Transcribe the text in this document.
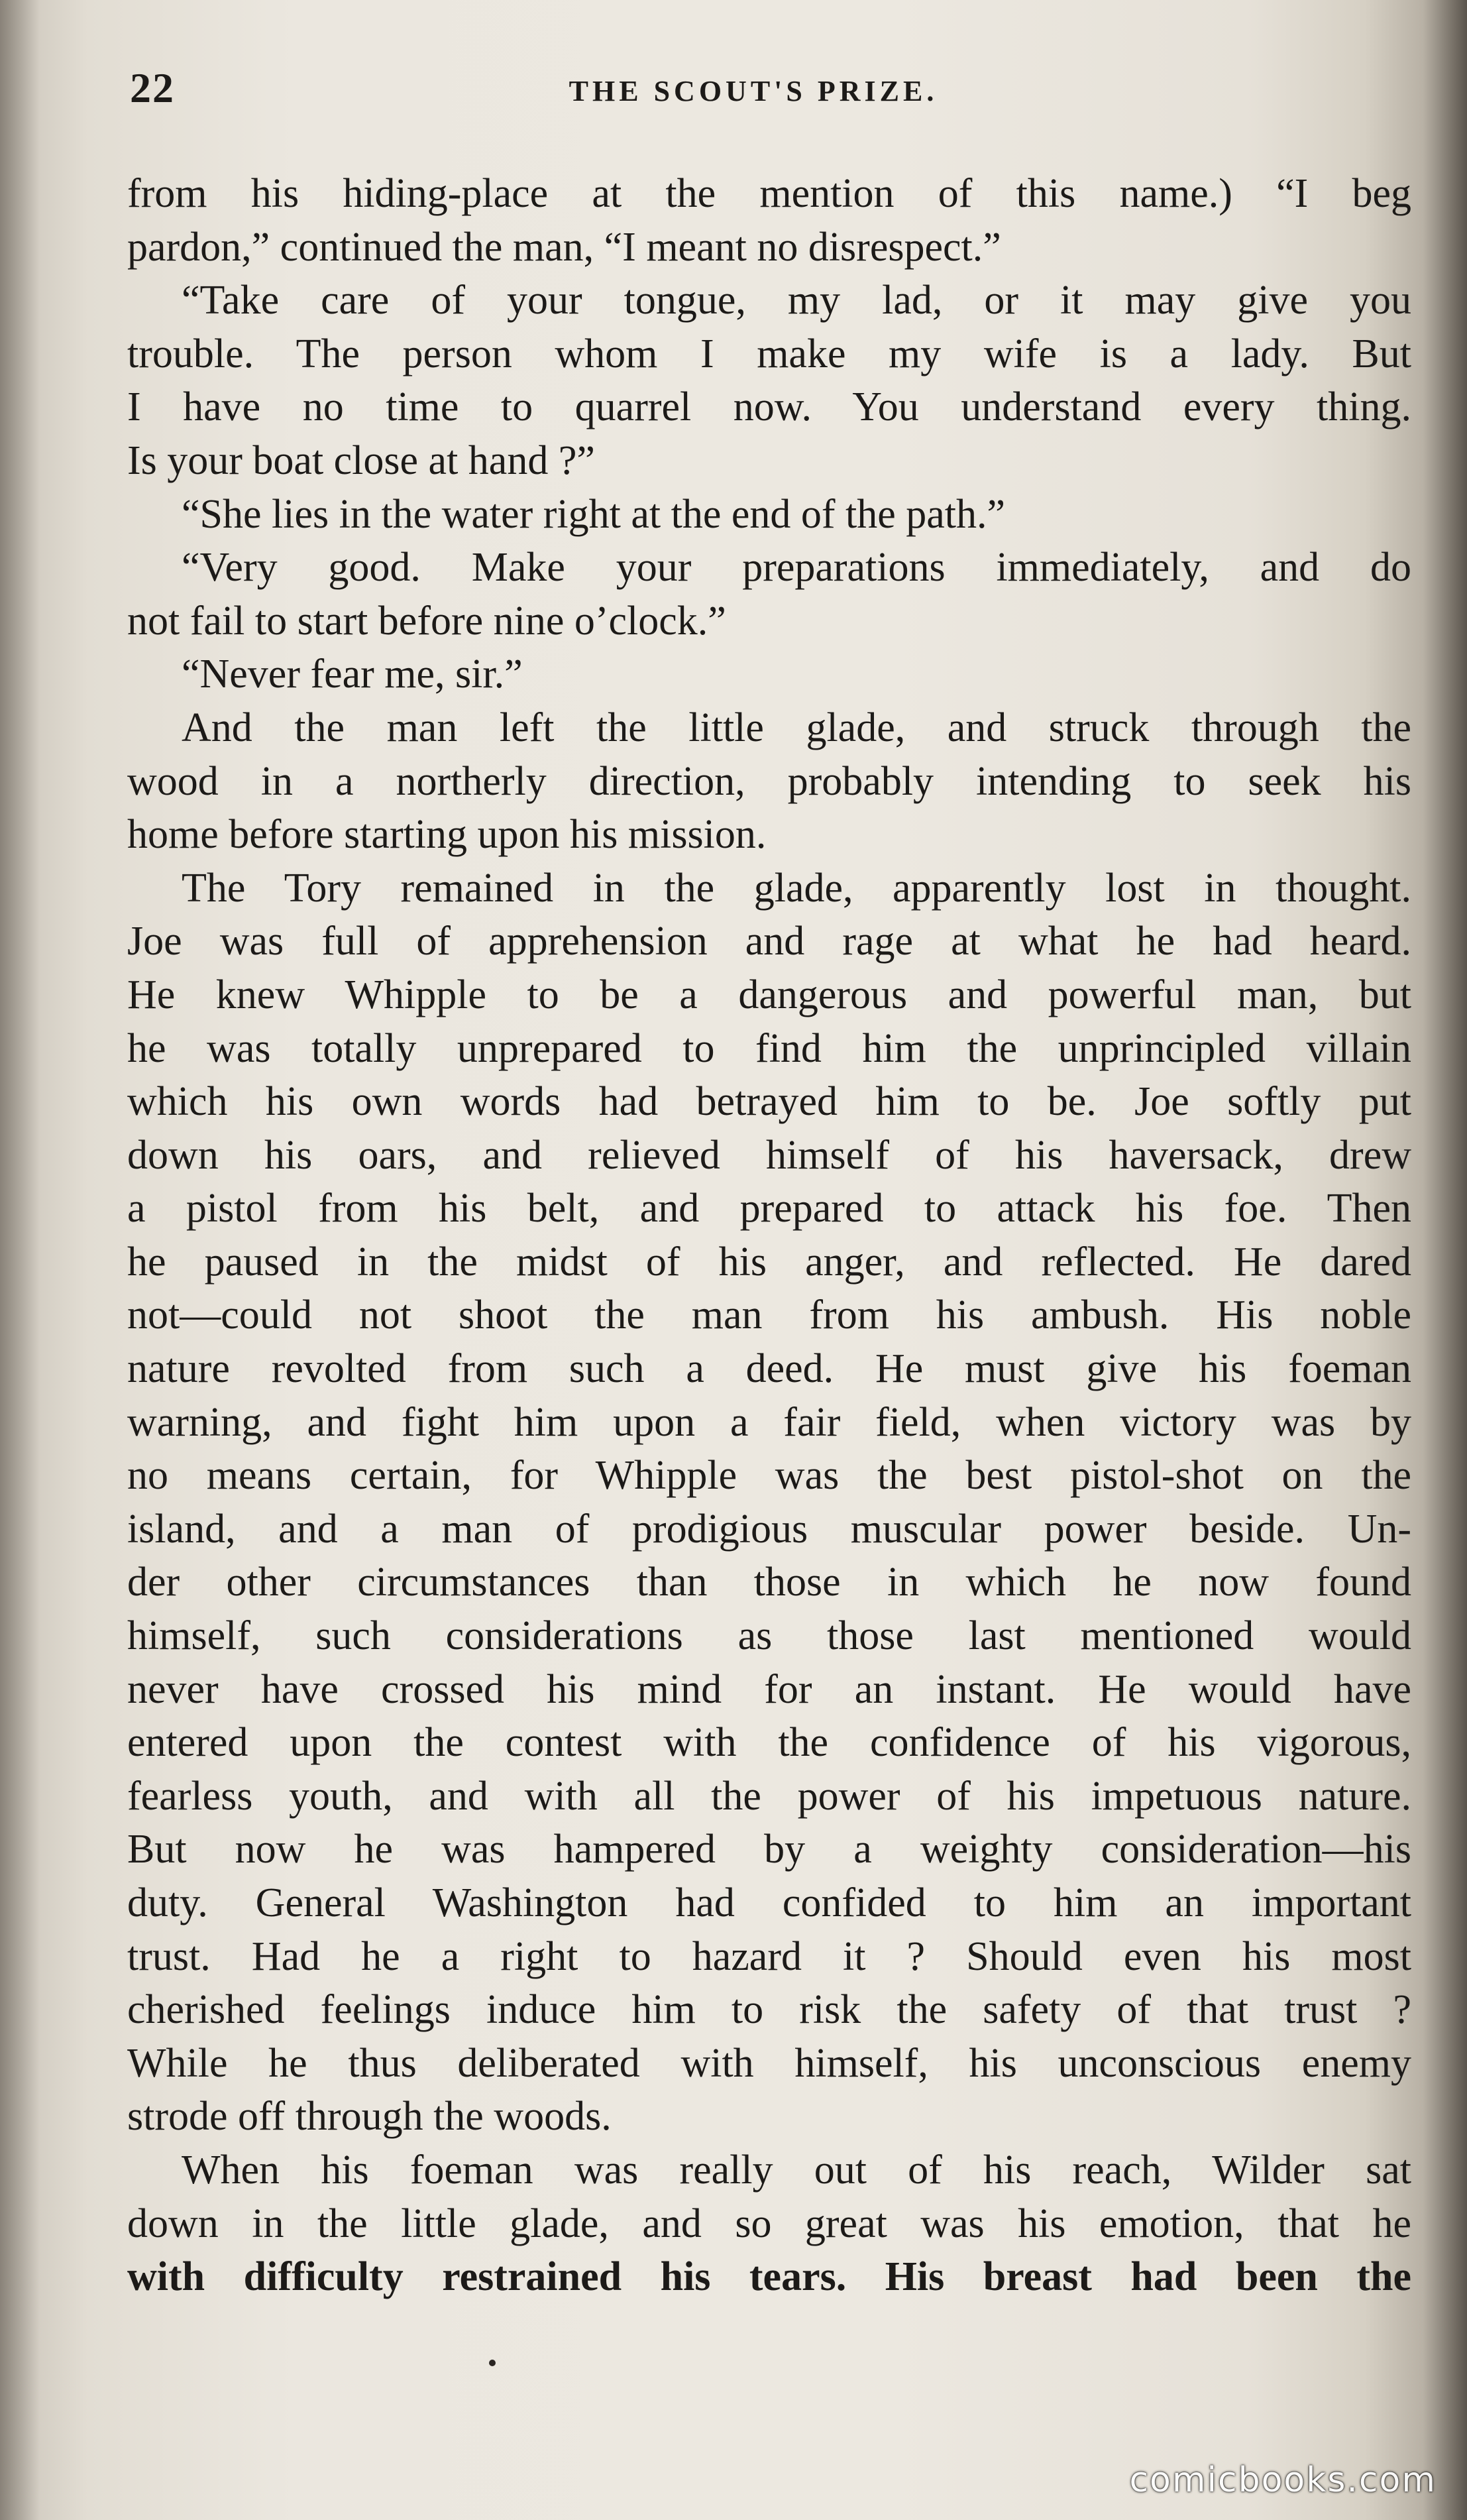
22	THE SCOUT'S PRIZE.
from his hiding-place at the mention of this name.) “I beg
pardon,” continued the man, “I meant no disrespect.”
“Take care of your tongue, my lad, or it may give you
trouble. The person whom I make my wife is a lady. But
I have no time to quarrel now. You understand every thing.
Is your boat close at hand ?”
“She lies in the water right at the end of the path.”
“Very good. Make your preparations immediately, and do
not fail to start before nine o’clock.”
“Never fear me, sir.”
And the man left the little glade, and struck through the
wood in a northerly direction, probably intending to seek his
home before starting upon his mission.
The Tory remained in the glade, apparently lost in thought.
Joe was full of apprehension and rage at what he had heard.
He knew Whipple to be a dangerous and powerful man, but
he was totally unprepared to find him the unprincipled villain
which his own words had betrayed him to be. Joe softly put
down his oars, and relieved himself of his haversack, drew
a pistol from his belt, and prepared to attack his foe. Then
he paused in the midst of his anger, and reflected. He dared
not—could not shoot the man from his ambush. His noble
nature revolted from such a deed. He must give his foeman
warning, and fight him upon a fair field, when victory was by
no means certain, for Whipple was the best pistol-shot on the
island, and a man of prodigious muscular power beside. Un-
der other circumstances than those in which he now found
himself, such considerations as those last mentioned would
never have crossed his mind for an instant. He would have
entered upon the contest with the confidence of his vigorous,
fearless youth, and with all the power of his impetuous nature.
But now he was hampered by a weighty consideration—his
duty. General Washington had confided to him an important
trust. Had he a right to hazard it ? Should even his most
cherished feelings induce him to risk the safety of that trust ?
While he thus deliberated with himself, his unconscious enemy
strode off through the woods.
When his foeman was really out of his reach, Wilder sat
down in the little glade, and so great was his emotion, that he
with difficulty restrained his tears. His breast had been the
comicbooks.com
